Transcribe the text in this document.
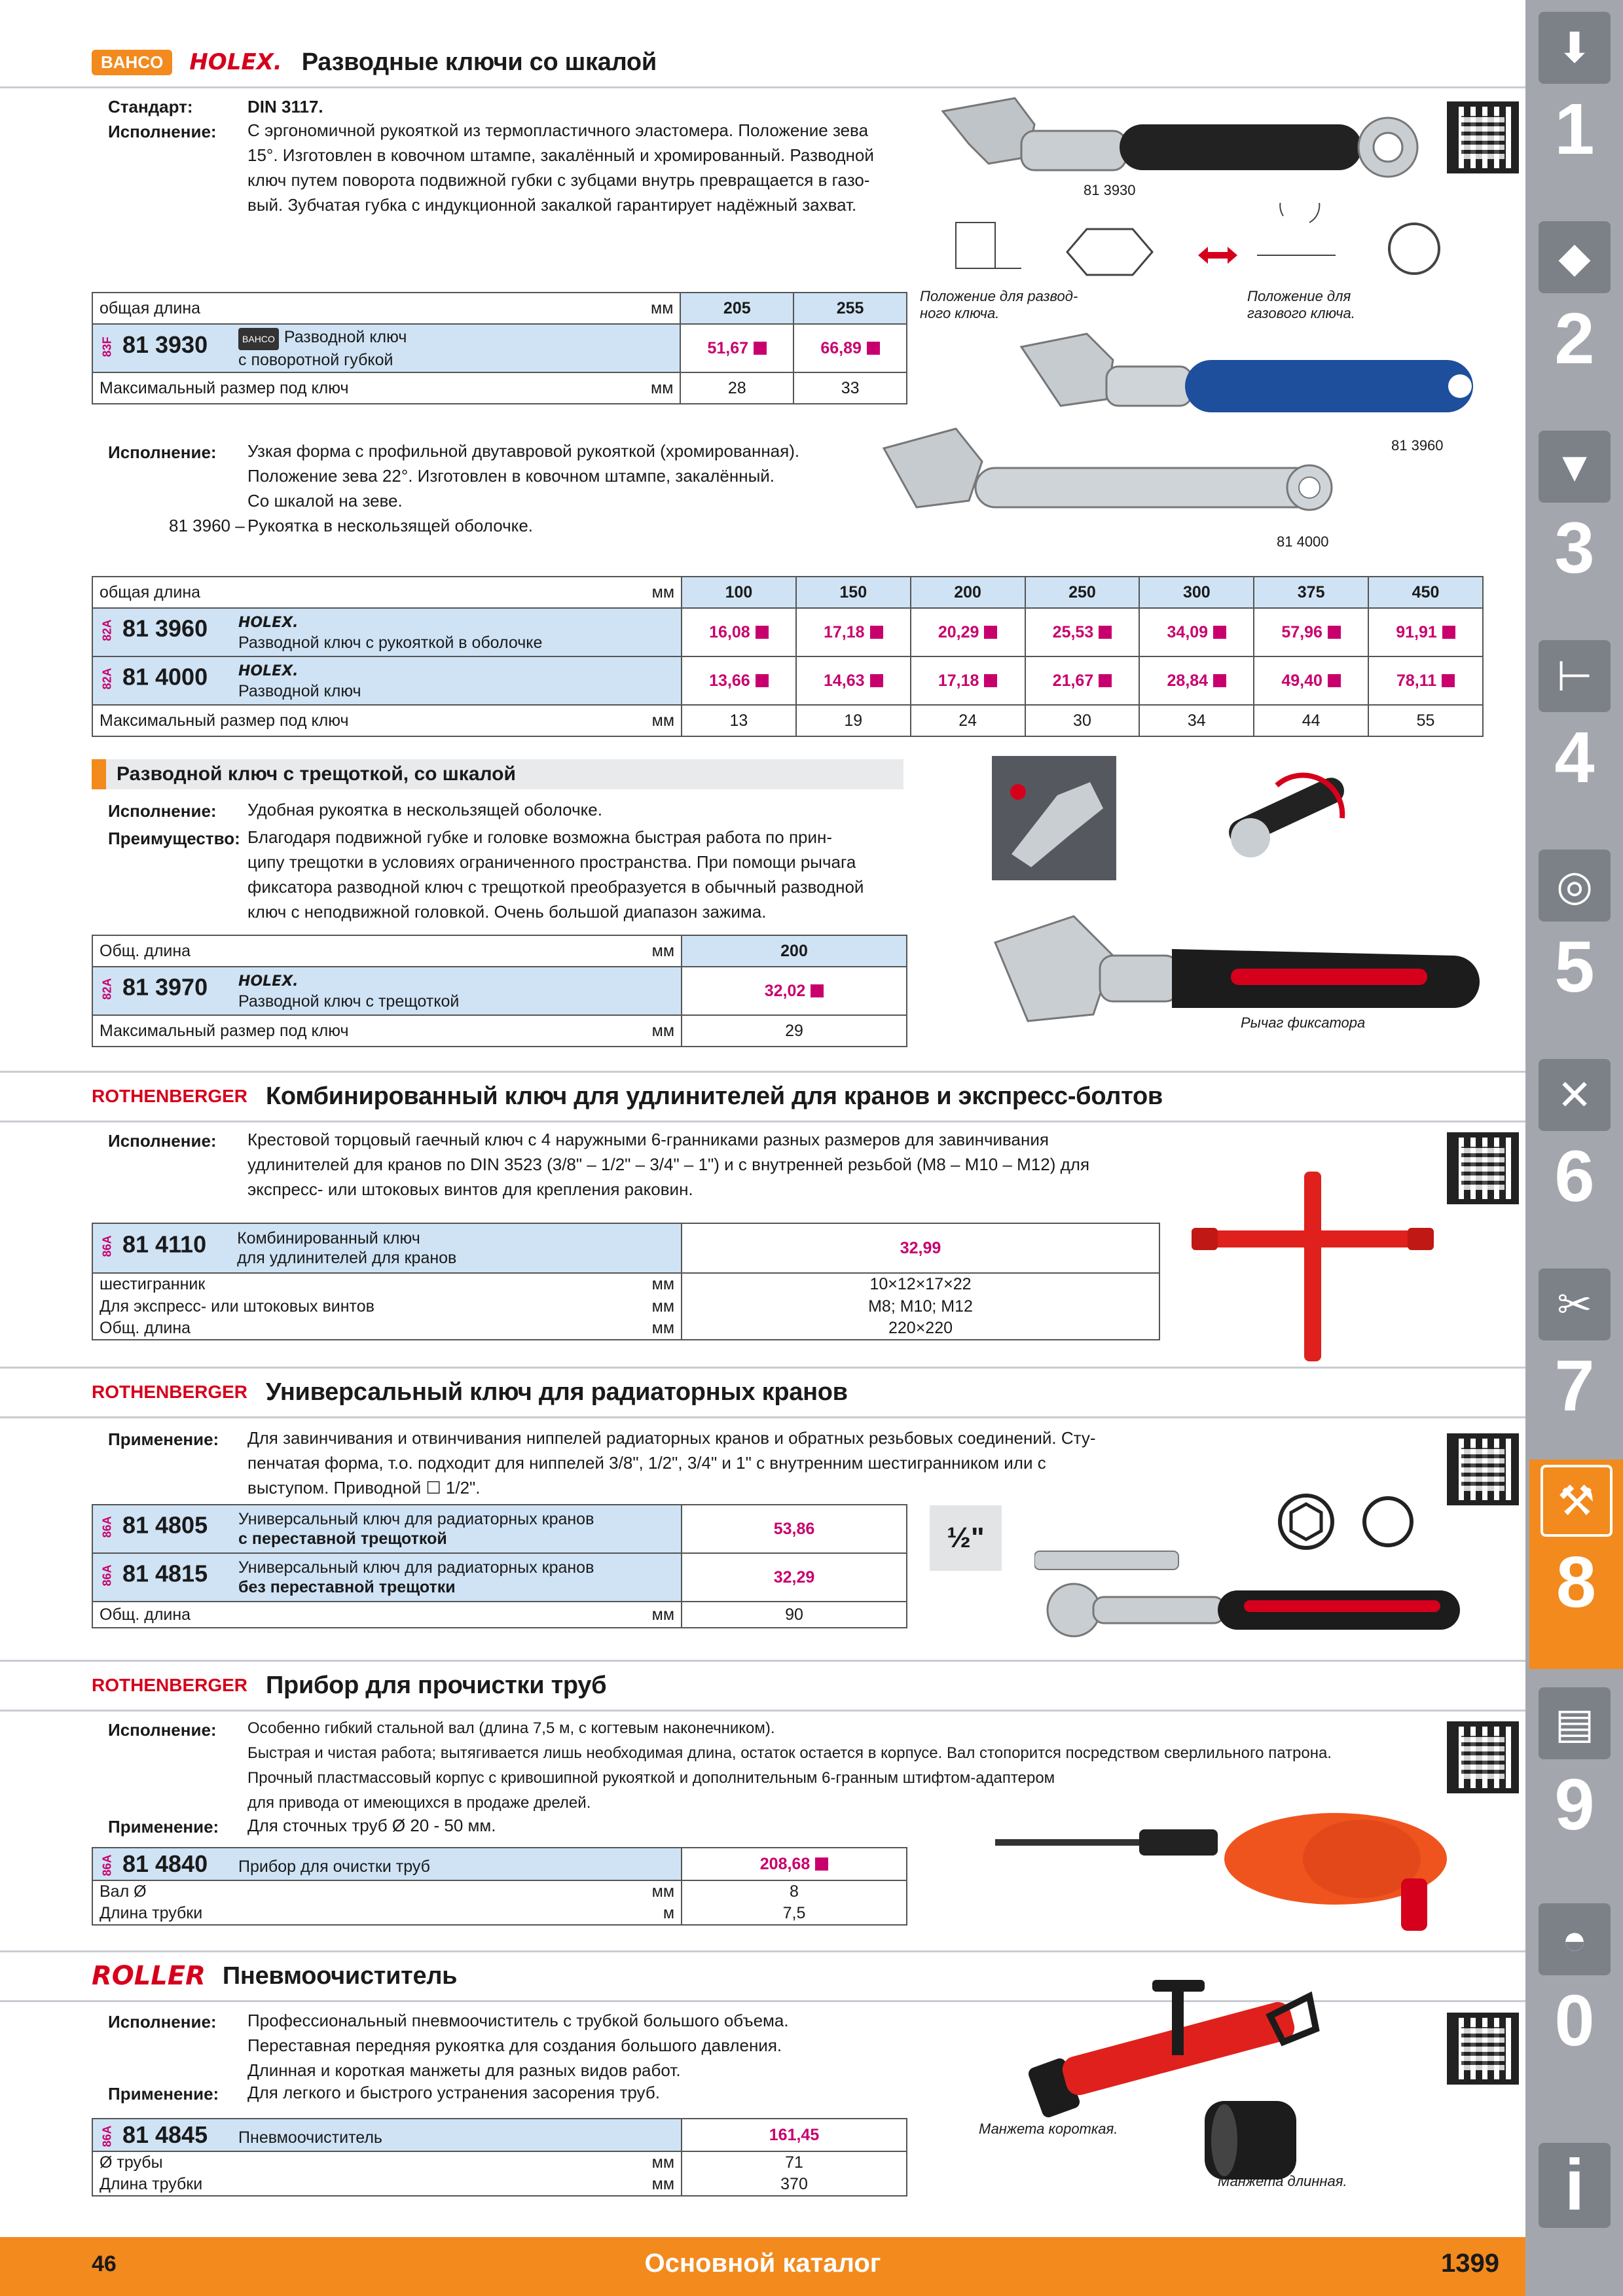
BAHCO	HOLEX. Разводные ключи со шкалой
Стандарт:	DIN 3117.
Исполнение: С эргономичной рукояткой из термопластичного эластомера. Положение зева
15°. Изготовлен в ковочном штампе, закалённый и хромированный. Разводной
ключ путем поворота подвижной губки с зубцами внутрь превращается в газо-
вый. Зубчатая губка с индукционной закалкой гарантирует надёжный захват.
81 3930
Положение для развод-
ного ключа.
Положение для
газового ключа.
общая длина мм	205	255
83F 81 3930 BAHCO Разводной ключ
с поворотной губкой	51,67	66,89
Максимальный размер под ключ мм	28	33
81 3960
81 4000
Исполнение: Узкая форма с профильной двутавровой рукояткой (хромированная).
Положение зева 22°. Изготовлен в ковочном штампе, закалённый.
Со шкалой на зеве.
81 3960 – Рукоятка в нескользящей оболочке.
общая длина мм	100	150	200	250	300	375	450
82A 81 3960 HOLEX.
Разводной ключ с рукояткой в оболочке	16,08	17,18	20,29	25,53	34,09	57,96	91,91
82A 81 4000 HOLEX.
Разводной ключ	13,66	14,63	17,18	21,67	28,84	49,40	78,11
Максимальный размер под ключ мм	13	19	24	30	34	44	55
Разводной ключ с трещоткой, со шкалой
Исполнение: Удобная рукоятка в нескользящей оболочке.
Преимущество: Благодаря подвижной губке и головке возможна быстрая работа по прин-
ципу трещотки в условиях ограниченного пространства. При помощи рычага
фиксатора разводной ключ с трещоткой преобразуется в обычный разводной
ключ с неподвижной головкой. Очень большой диапазон зажима.
Рычаг фиксатора
Общ. длина мм	200
82A 81 3970 HOLEX.
Разводной ключ с трещоткой	32,02
Максимальный размер под ключ мм	29
ROTHENBERGER Комбинированный ключ для удлинителей для кранов и экспресс-болтов
Исполнение: Крестовой торцовый гаечный ключ с 4 наружными 6-гранниками разных размеров для завинчивания
удлинителей для кранов по DIN 3523 (3/8" – 1/2" – 3/4" – 1") и с внутренней резьбой (M8 – M10 – M12) для
экспресс- или штоковых винтов для крепления раковин.
86A 81 4110 Комбинированный ключ
для удлинителей для кранов	32,99
шестигранник мм	10×12×17×22
Для экспресс- или штоковых винтов мм	M8; M10; M12
Общ. длина мм	220×220
ROTHENBERGER Универсальный ключ для радиаторных кранов
Применение: Для завинчивания и отвинчивания ниппелей радиаторных кранов и обратных резьбовых соединений. Сту-
пенчатая форма, т.о. подходит для ниппелей 3/8", 1/2", 3/4" и 1" с внутренним шестигранником или с
выступом. Приводной ☐ 1/2".
½"
86A 81 4805 Универсальный ключ для радиаторных кранов
с переставной трещоткой	53,86
86A 81 4815 Универсальный ключ для радиаторных кранов
без переставной трещотки	32,29
Общ. длина мм	90
ROTHENBERGER Прибор для прочистки труб
Исполнение: Особенно гибкий стальной вал (длина 7,5 м, с когтевым наконечником).
Быстрая и чистая работа; вытягивается лишь необходимая длина, остаток остается в корпусе. Вал стопорится посредством сверлильного патрона.
Прочный пластмассовый корпус с кривошипной рукояткой и дополнительным 6-гранным штифтом-адаптером
для привода от имеющихся в продаже дрелей.
Применение: Для сточных труб Ø 20 - 50 мм.
86A 81 4840 Прибор для очистки труб	208,68
Вал Ø мм	8
Длина трубки м	7,5
ROLLER Пневмоочиститель
Исполнение: Профессиональный пневмоочиститель с трубкой большого объема.
Переставная передняя рукоятка для создания большого давления.
Длинная и короткая манжеты для разных видов работ.
Применение: Для легкого и быстрого устранения засорения труб.
Манжета короткая.
Манжета длинная.
86A 81 4845 Пневмоочиститель	161,45
Ø трубы мм	71
Длина трубки мм	370
46	Основной каталог	1399
⬇
1
◆
2
▼
3
⊢
4
◎
5
✕
6
✂
7
⚒
8
▤
9
◓
0
i
